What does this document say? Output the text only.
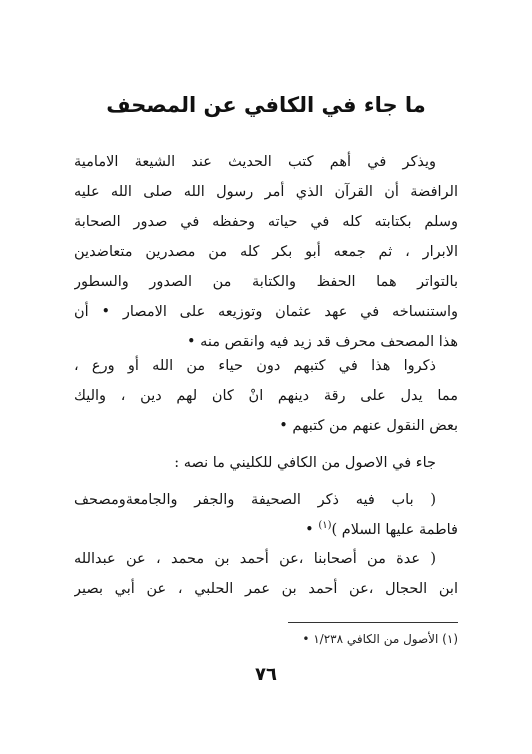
ما جاء في الكافي عن المصحف
ويذكر في أهم كتب الحديث عند الشيعة الامامية
الرافضة أن القرآن الذي أمر رسول الله صلى الله عليه
وسلم بكتابته كله في حياته وحفظه في صدور الصحابة
الابرار ، ثم جمعه أبو بكر كله من مصدرين متعاضدين
بالتواتر هما الحفظ والكتابة من الصدور والسطور
واستنساخه في عهد عثمان وتوزيعه على الامصار • أن
هذا المصحف محرف قد زيد فيه وانقص منه •
ذكروا هذا في كتبهم دون حياء من الله أو ورع ،
مما يدل على رقة دينهم انْ كان لهم دين ، واليك
بعض النقول عنهم من كتبهم •
جاء في الاصول من الكافي للكليني ما نصه :
( باب فيه ذكر الصحيفة والجفر والجامعةومصحف
فاطمة عليها السلام )$^{(١)}$ •
( عدة من أصحابنا ،عن أحمد بن محمد ، عن عبدالله
ابن الحجال ،عن أحمد بن عمر الحلبي ، عن أبي بصير
(١) الأصول من الكافي ١/٢٣٨ •
٧٦
